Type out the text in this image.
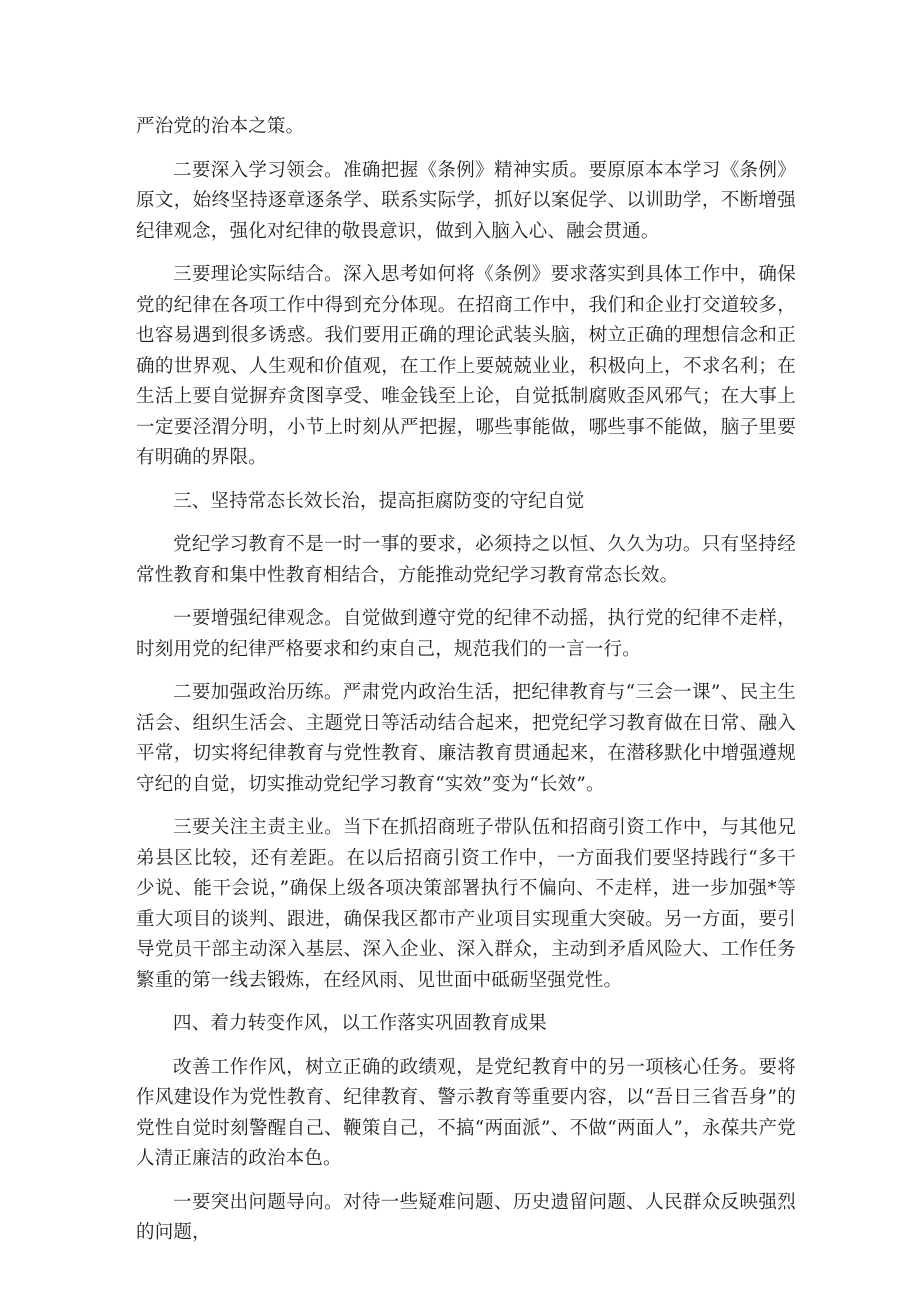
严治党的治本之策。

二要深入学习领会。准确把握《条例》精神实质。要原原本本学习《条例》原文，始终坚持逐章逐条学、联系实际学，抓好以案促学、以训助学，不断增强纪律观念，强化对纪律的敬畏意识，做到入脑入心、融会贯通。

三要理论实际结合。深入思考如何将《条例》要求落实到具体工作中，确保党的纪律在各项工作中得到充分体现。在招商工作中，我们和企业打交道较多，也容易遇到很多诱惑。我们要用正确的理论武装头脑，树立正确的理想信念和正确的世界观、人生观和价值观，在工作上要兢兢业业，积极向上，不求名利；在生活上要自觉摒弃贪图享受、唯金钱至上论，自觉抵制腐败歪风邪气；在大事上一定要泾渭分明，小节上时刻从严把握，哪些事能做，哪些事不能做，脑子里要有明确的界限。

三、坚持常态长效长治，提高拒腐防变的守纪自觉

党纪学习教育不是一时一事的要求，必须持之以恒、久久为功。只有坚持经常性教育和集中性教育相结合，方能推动党纪学习教育常态长效。

一要增强纪律观念。自觉做到遵守党的纪律不动摇，执行党的纪律不走样，时刻用党的纪律严格要求和约束自己，规范我们的一言一行。

二要加强政治历练。严肃党内政治生活，把纪律教育与“三会一课”、民主生活会、组织生活会、主题党日等活动结合起来，把党纪学习教育做在日常、融入平常，切实将纪律教育与党性教育、廉洁教育贯通起来，在潜移默化中增强遵规守纪的自觉，切实推动党纪学习教育“实效”变为“长效”。

三要关注主责主业。当下在抓招商班子带队伍和招商引资工作中，与其他兄弟县区比较，还有差距。在以后招商引资工作中，一方面我们要坚持践行“多干少说、能干会说，”确保上级各项决策部署执行不偏向、不走样，进一步加强*等重大项目的谈判、跟进，确保我区都市产业项目实现重大突破。另一方面，要引导党员干部主动深入基层、深入企业、深入群众，主动到矛盾风险大、工作任务繁重的第一线去锻炼，在经风雨、见世面中砥砺坚强党性。

四、着力转变作风，以工作落实巩固教育成果

改善工作作风，树立正确的政绩观，是党纪教育中的另一项核心任务。要将作风建设作为党性教育、纪律教育、警示教育等重要内容，以“吾日三省吾身”的党性自觉时刻警醒自己、鞭策自己，不搞“两面派”、不做“两面人”，永葆共产党人清正廉洁的政治本色。

一要突出问题导向。对待一些疑难问题、历史遗留问题、人民群众反映强烈的问题，
